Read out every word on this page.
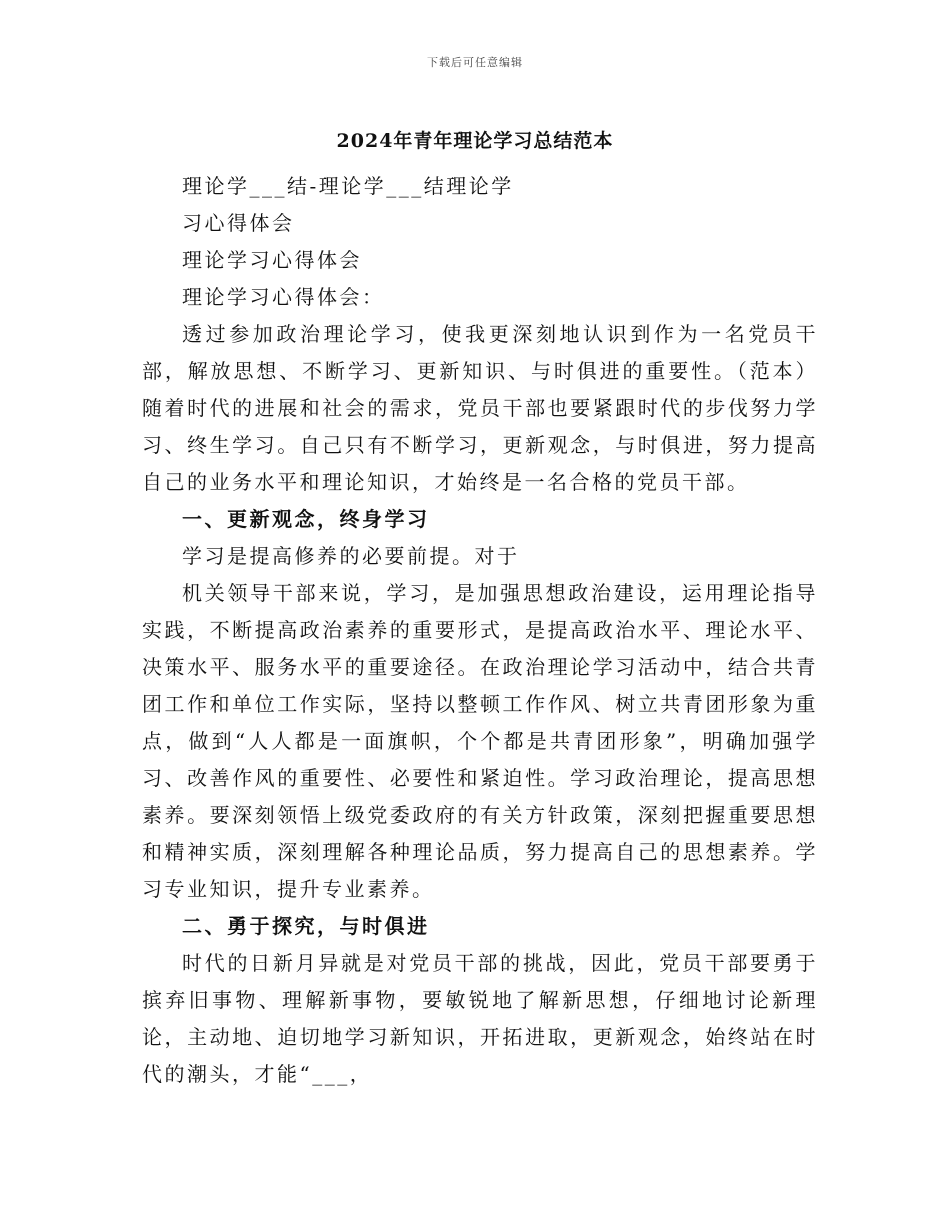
下载后可任意编辑
2024年青年理论学习总结范本

理论学___结-理论学___结理论学

习心得体会

理论学习心得体会

理论学习心得体会：

透过参加政治理论学习，使我更深刻地认识到作为一名党员干部，解放思想、不断学习、更新知识、与时俱进的重要性。（范本）随着时代的进展和社会的需求，党员干部也要紧跟时代的步伐努力学习、终生学习。自己只有不断学习，更新观念，与时俱进，努力提高自己的业务水平和理论知识，才始终是一名合格的党员干部。

一、更新观念，终身学习

学习是提高修养的必要前提。对于

机关领导干部来说，学习，是加强思想政治建设，运用理论指导实践，不断提高政治素养的重要形式，是提高政治水平、理论水平、决策水平、服务水平的重要途径。在政治理论学习活动中，结合共青团工作和单位工作实际，坚持以整顿工作作风、树立共青团形象为重点，做到“人人都是一面旗帜，个个都是共青团形象”，明确加强学习、改善作风的重要性、必要性和紧迫性。学习政治理论，提高思想素养。要深刻领悟上级党委政府的有关方针政策，深刻把握重要思想和精神实质，深刻理解各种理论品质，努力提高自己的思想素养。学习专业知识，提升专业素养。

二、勇于探究，与时俱进

时代的日新月异就是对党员干部的挑战，因此，党员干部要勇于摈弃旧事物、理解新事物，要敏锐地了解新思想，仔细地讨论新理论，主动地、迫切地学习新知识，开拓进取，更新观念，始终站在时代的潮头，才能“___，
